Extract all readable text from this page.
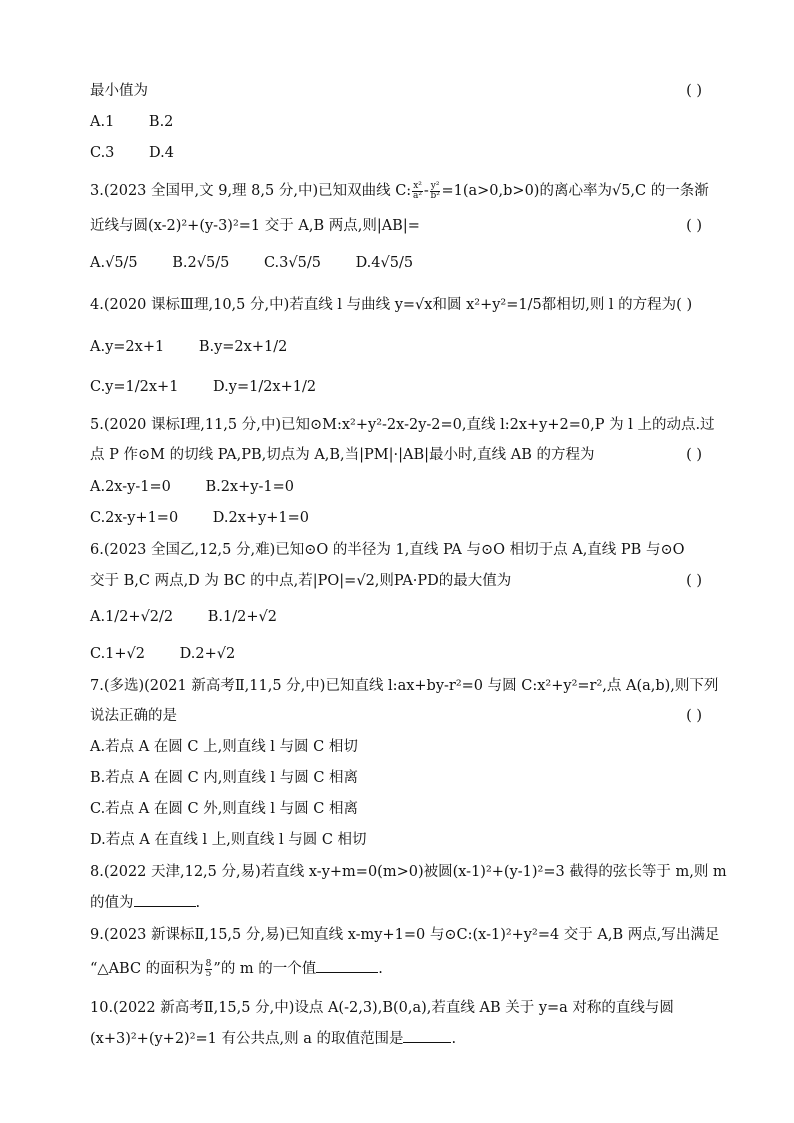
最小值为	( )
A.1 B.2
C.3 D.4
3.(2023 全国甲,文 9,理 8,5 分,中)已知双曲线 C: $\frac{\text{x²}}{\text{a²}} - \frac{\text{y²}}{\text{b²}} =1(a>0,b>0)$的离心率为√5,C 的一条渐
近线与圆(x-2)²+(y-3)²=1 交于 A,B 两点,则|AB|=	( )
A.√5/5 B.2√5/5 C.3√5/5 D.4√5/5
4.(2020 课标Ⅲ理,10,5 分,中)若直线 l 与曲线 y=√x和圆 x²+y²=1/5都相切,则 l 的方程为( )
A.y=2x+1 B.y=2x+1/2
C.y=1/2x+1 D.y=1/2x+1/2
5.(2020 课标Ⅰ理,11,5 分,中)已知⊙M:x²+y²-2x-2y-2=0,直线 l:2x+y+2=0,P 为 l 上的动点.过
点 P 作⊙M 的切线 PA,PB,切点为 A,B,当|PM|·|AB|最小时,直线 AB 的方程为	( )
A.2x-y-1=0 B.2x+y-1=0
C.2x-y+1=0 D.2x+y+1=0
6.(2023 全国乙,12,5 分,难)已知⊙O 的半径为 1,直线 PA 与⊙O 相切于点 A,直线 PB 与⊙O
交于 B,C 两点,D 为 BC 的中点,若|PO|=√2,则PA·PD的最大值为	( )
A.1/2+√2/2 B.1/2+√2
C.1+√2 D.2+√2
7.(多选)(2021 新高考Ⅱ,11,5 分,中)已知直线 l:ax+by-r²=0 与圆 C:x²+y²=r²,点 A(a,b),则下列
说法正确的是	( )
A.若点 A 在圆 C 上,则直线 l 与圆 C 相切
B.若点 A 在圆 C 内,则直线 l 与圆 C 相离
C.若点 A 在圆 C 外,则直线 l 与圆 C 相离
D.若点 A 在直线 l 上,则直线 l 与圆 C 相切
8.(2022 天津,12,5 分,易)若直线 x-y+m=0(m>0)被圆(x-1)²+(y-1)²=3 截得的弦长等于 m,则 m
的值为	.
9.(2023 新课标Ⅱ,15,5 分,易)已知直线 x-my+1=0 与⊙C:(x-1)²+y²=4 交于 A,B 两点,写出满足
“△ABC 的面积为 $\frac{8}{5}$ ”的 m 的一个值	.
10.(2022 新高考Ⅱ,15,5 分,中)设点 A(-2,3),B(0,a),若直线 AB 关于 y=a 对称的直线与圆
(x+3)²+(y+2)²=1 有公共点,则 a 的取值范围是	.
